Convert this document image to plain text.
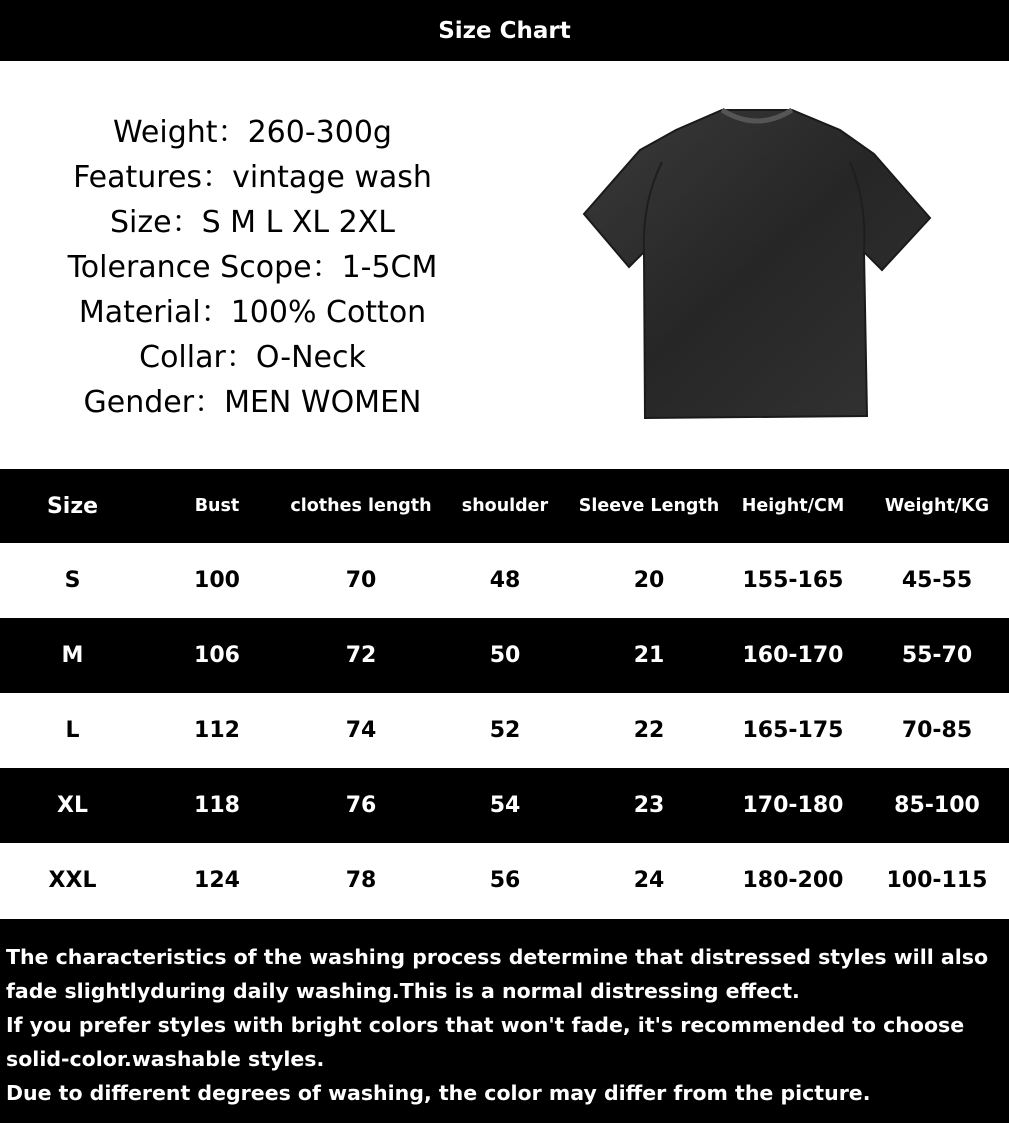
Size Chart
Weight：260-300g
Features：vintage wash
Size：S M L XL 2XL
Tolerance Scope：1-5CM
Material：100% Cotton
Collar：O-Neck
Gender：MEN WOMEN
Size	Bust	clothes length	shoulder	Sleeve Length	Height/CM	Weight/KG
S	100	70	48	20	155-165	45-55
M	106	72	50	21	160-170	55-70
L	112	74	52	22	165-175	70-85
XL	118	76	54	23	170-180	85-100
XXL	124	78	56	24	180-200	100-115
The characteristics of the washing process determine that distressed styles will also
fade slightlyduring daily washing.This is a normal distressing effect.
If you prefer styles with bright colors that won't fade, it's recommended to choose
solid-color.washable styles.
Due to different degrees of washing, the color may differ from the picture.
